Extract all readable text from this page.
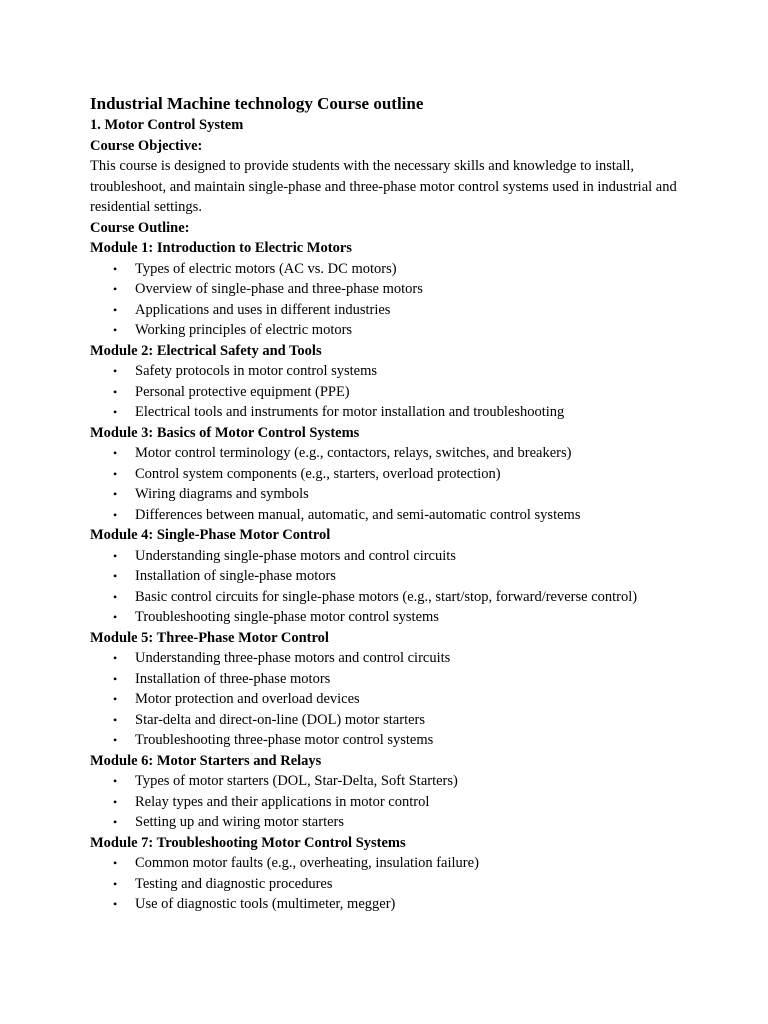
Industrial Machine technology Course outline

1. Motor Control System

Course Objective:

This course is designed to provide students with the necessary skills and knowledge to install, troubleshoot, and maintain single-phase and three-phase motor control systems used in industrial and residential settings.

Course Outline:

Module 1: Introduction to Electric Motors

• Types of electric motors (AC vs. DC motors)
• Overview of single-phase and three-phase motors
• Applications and uses in different industries
• Working principles of electric motors

Module 2: Electrical Safety and Tools

• Safety protocols in motor control systems
• Personal protective equipment (PPE)
• Electrical tools and instruments for motor installation and troubleshooting

Module 3: Basics of Motor Control Systems

• Motor control terminology (e.g., contactors, relays, switches, and breakers)
• Control system components (e.g., starters, overload protection)
• Wiring diagrams and symbols
• Differences between manual, automatic, and semi-automatic control systems

Module 4: Single-Phase Motor Control

• Understanding single-phase motors and control circuits
• Installation of single-phase motors
• Basic control circuits for single-phase motors (e.g., start/stop, forward/reverse control)
• Troubleshooting single-phase motor control systems

Module 5: Three-Phase Motor Control

• Understanding three-phase motors and control circuits
• Installation of three-phase motors
• Motor protection and overload devices
• Star-delta and direct-on-line (DOL) motor starters
• Troubleshooting three-phase motor control systems

Module 6: Motor Starters and Relays

• Types of motor starters (DOL, Star-Delta, Soft Starters)
• Relay types and their applications in motor control
• Setting up and wiring motor starters

Module 7: Troubleshooting Motor Control Systems

• Common motor faults (e.g., overheating, insulation failure)
• Testing and diagnostic procedures
• Use of diagnostic tools (multimeter, megger)
